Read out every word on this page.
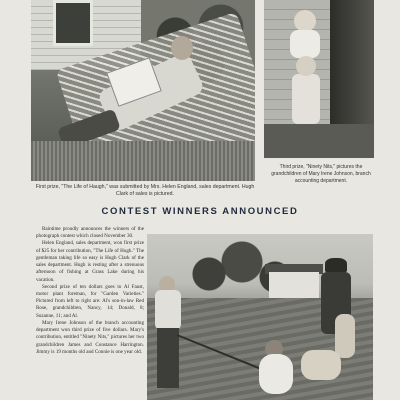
First prize, "The Life of Haugh," was submitted by Mrs. Helen England, sales department. Hugh Clark of sales is pictured.
Third prize, "Ninety Nits," pictures the grandchildren of Mary Irene Johnson, branch accounting department.
CONTEST WINNERS ANNOUNCED

Raintime proudly announces the winners of the photograph contest which closed November 30.

Helen England, sales department, won first prize of $25 for her contribution, "The Life of Hugh." The gentleman taking life so easy is Hugh Clark of the sales department. Hugh is resting after a strenuous afternoon of fishing at Grass Lake during his vacation.

Second prize of ten dollars goes to Al Faust, motor plant foreman, for "Garden Varieties." Pictured from left to right are: Al's son-in-law Red Rose, grandchildren, Nancy, 14; Donald, 8; Suzanne, 11; and Al.

Mary Irene Johnson of the branch accounting department won third prize of five dollars. Mary's contribution, entitled "Ninety Nits," pictures her two grandchildren James and Constance Harrington. Jimmy is 19 months old and Connie is one year old.
